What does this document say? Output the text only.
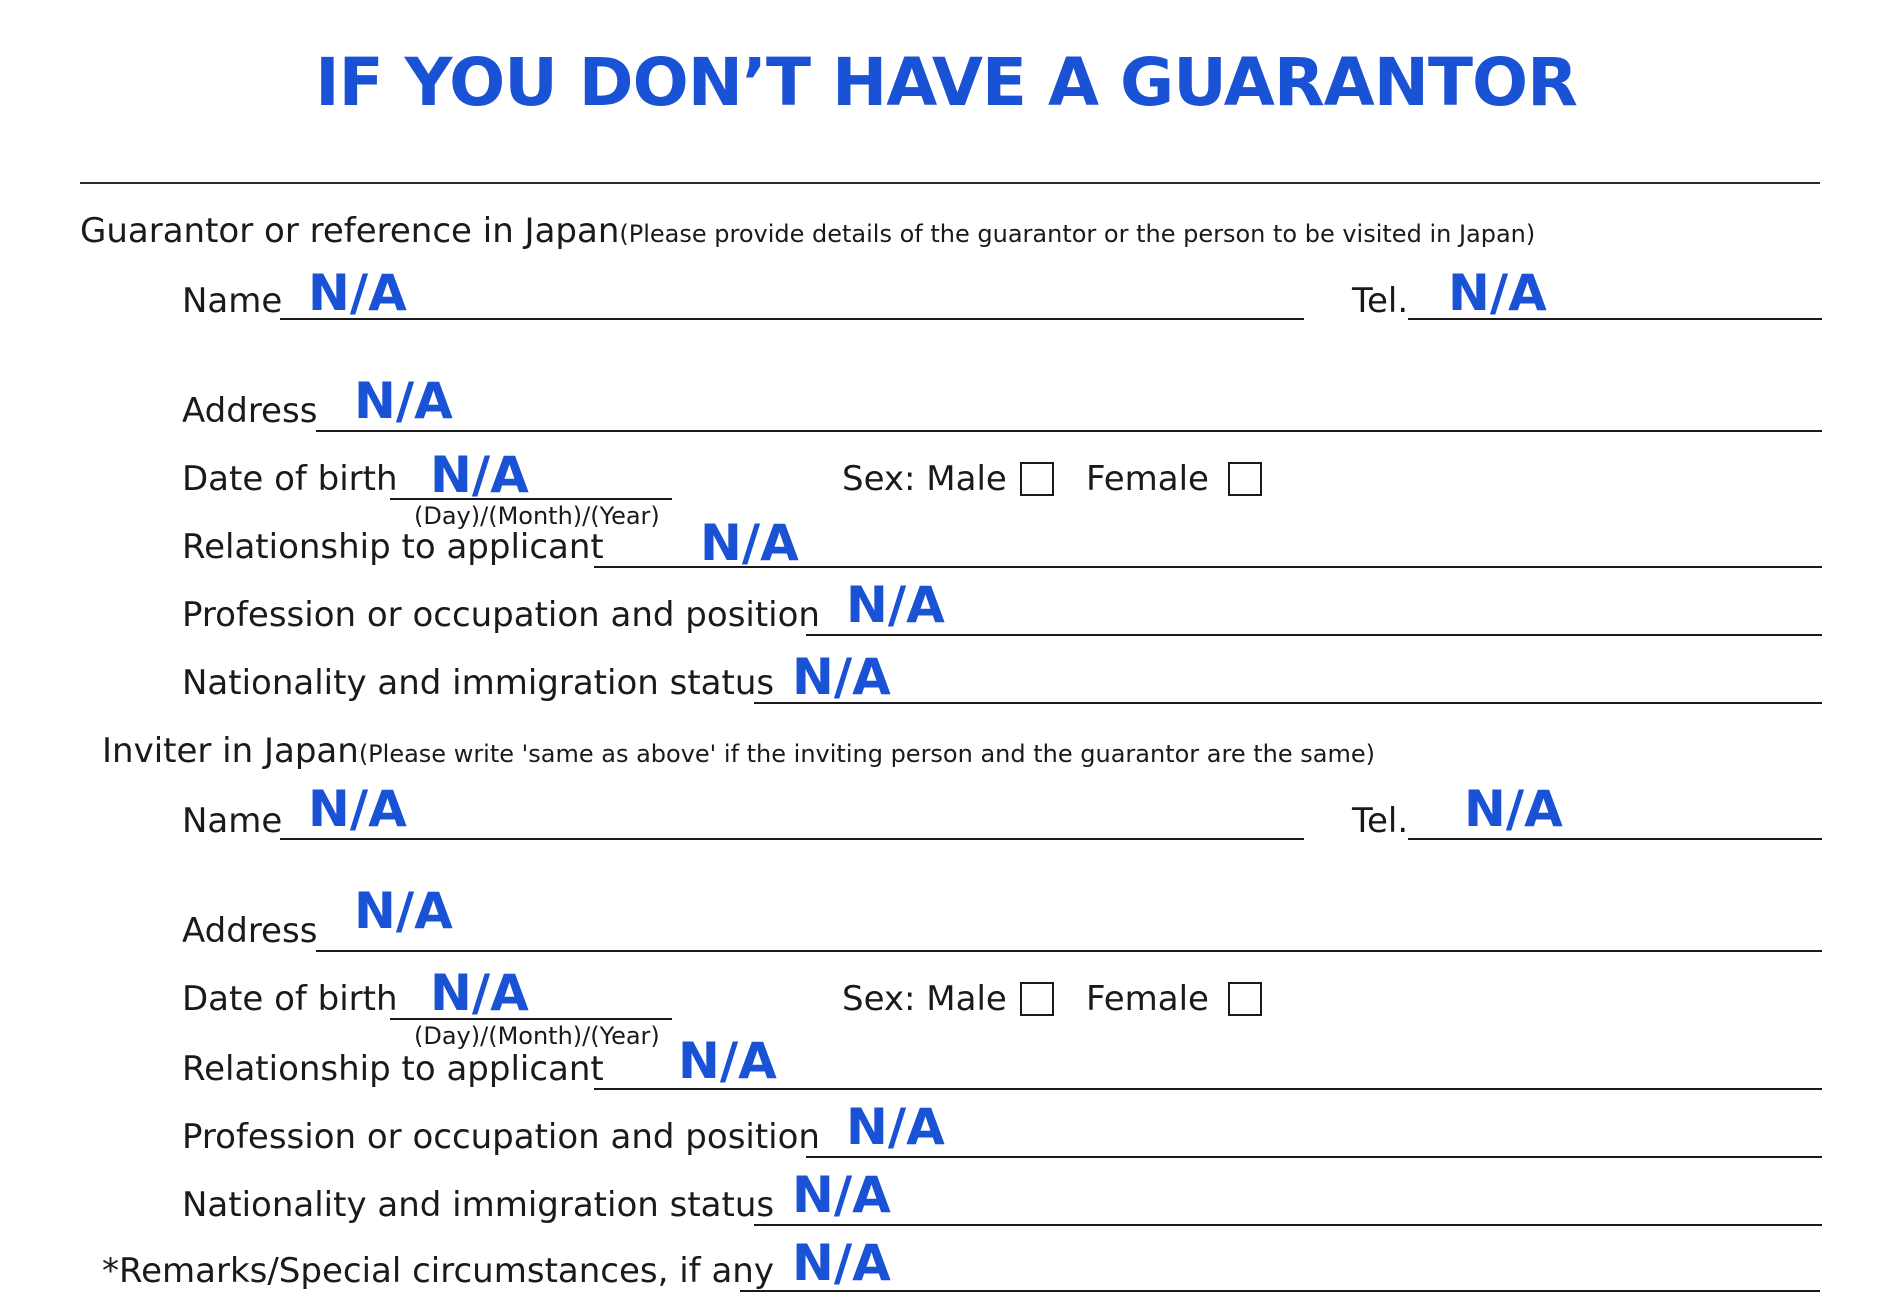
IF YOU DON’T HAVE A GUARANTOR
Guarantor or reference in Japan(Please provide details of the guarantor or the person to be visited in Japan)
Name N/A	Tel. N/A
Address N/A
Date of birth N/A
(Day)/(Month)/(Year)
Sex: Male Female
Relationship to applicant N/A
Profession or occupation and position N/A
Nationality and immigration status N/A
Inviter in Japan(Please write 'same as above' if the inviting person and the guarantor are the same)
Name N/A	Tel. N/A
Address N/A
Date of birth N/A
(Day)/(Month)/(Year)
Sex: Male Female
Relationship to applicant N/A
Profession or occupation and position N/A
Nationality and immigration status N/A
*Remarks/Special circumstances, if any N/A
